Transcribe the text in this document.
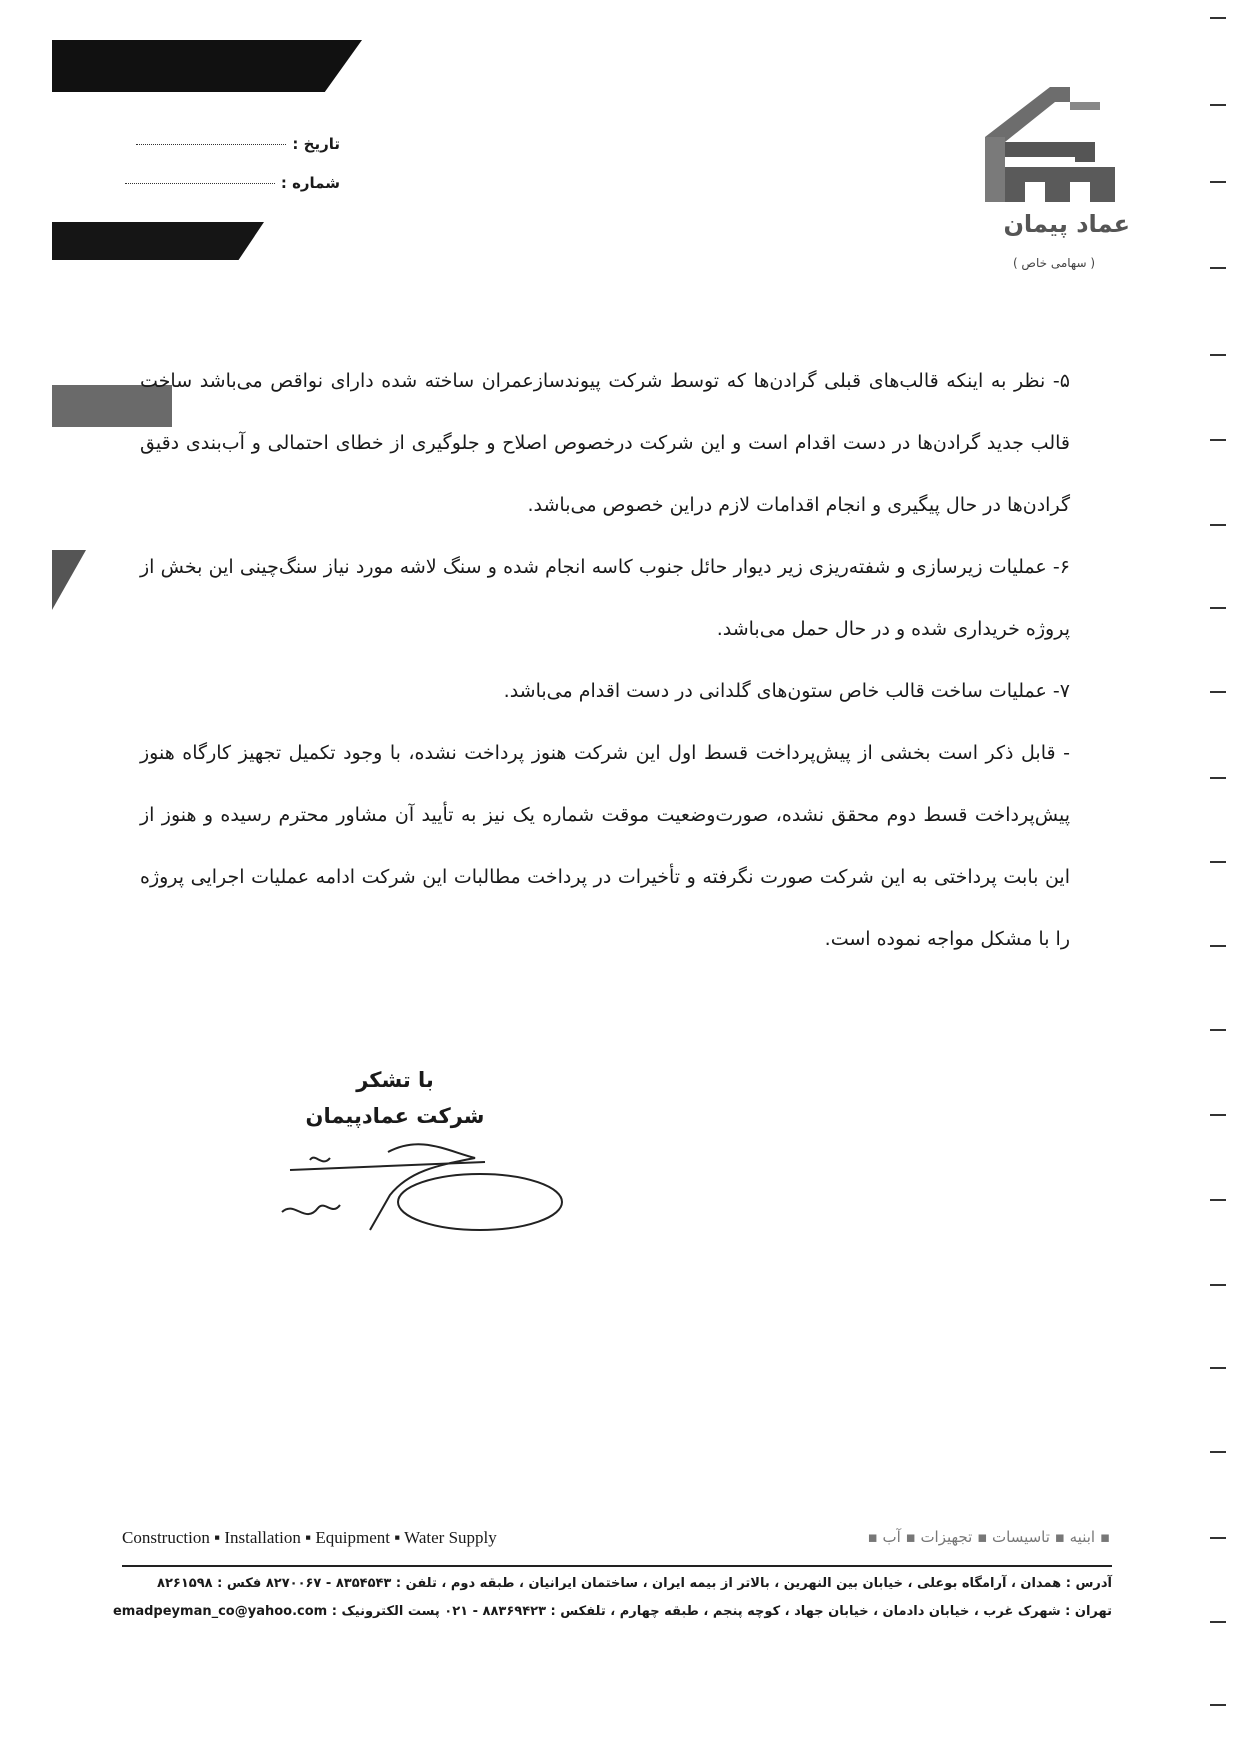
تاریخ :
شماره :
عماد پیمان
( سهامی خاص )

۵- نظر به اینکه قالب‌های قبلی گرادن‌ها که توسط شرکت پیوندسازعمران ساخته شده دارای نواقص می‌باشد ساخت قالب جدید گرادن‌ها در دست اقدام است و این شرکت درخصوص اصلاح و جلوگیری از خطای احتمالی و آب‌بندی دقیق گرادن‌ها در حال پیگیری و انجام اقدامات لازم دراین خصوص می‌باشد.

۶- عملیات زیرسازی و شفته‌ریزی زیر دیوار حائل جنوب کاسه انجام شده و سنگ لاشه مورد نیاز سنگ‌چینی این بخش از پروژه خریداری شده و در حال حمل می‌باشد.

۷- عملیات ساخت قالب خاص ستون‌های گلدانی در دست اقدام می‌باشد.

- قابل ذکر است بخشی از پیش‌پرداخت قسط اول این شرکت هنوز پرداخت نشده، با وجود تکمیل تجهیز کارگاه هنوز پیش‌پرداخت قسط دوم محقق نشده، صورت‌وضعیت موقت شماره یک نیز به تأیید آن مشاور محترم رسیده و هنوز از این بابت پرداختی به این شرکت صورت نگرفته و تأخیرات در پرداخت مطالبات این شرکت ادامه عملیات اجرایی پروژه را با مشکل مواجه نموده است.

با تشکر
شرکت عمادپیمان
Construction ▪ Installation ▪ Equipment ▪ Water Supply	▪ ابنیه ▪ تاسیسات ▪ تجهیزات ▪ آب ▪
آدرس : همدان ، آرامگاه بوعلی ، خیابان بین النهرین ، بالاتر از بیمه ایران ، ساختمان ایرانیان ، طبقه دوم ، تلفن : ۸۳۵۴۵۴۳ - ۸۲۷۰۰۶۷ فکس : ۸۲۶۱۵۹۸
تهران : شهرک غرب ، خیابان دادمان ، خیابان جهاد ، کوچه پنجم ، طبقه چهارم ، تلفکس : ۸۸۳۶۹۴۲۳ - ۰۲۱ پست الکترونیک : emadpeyman_co@yahoo.com
